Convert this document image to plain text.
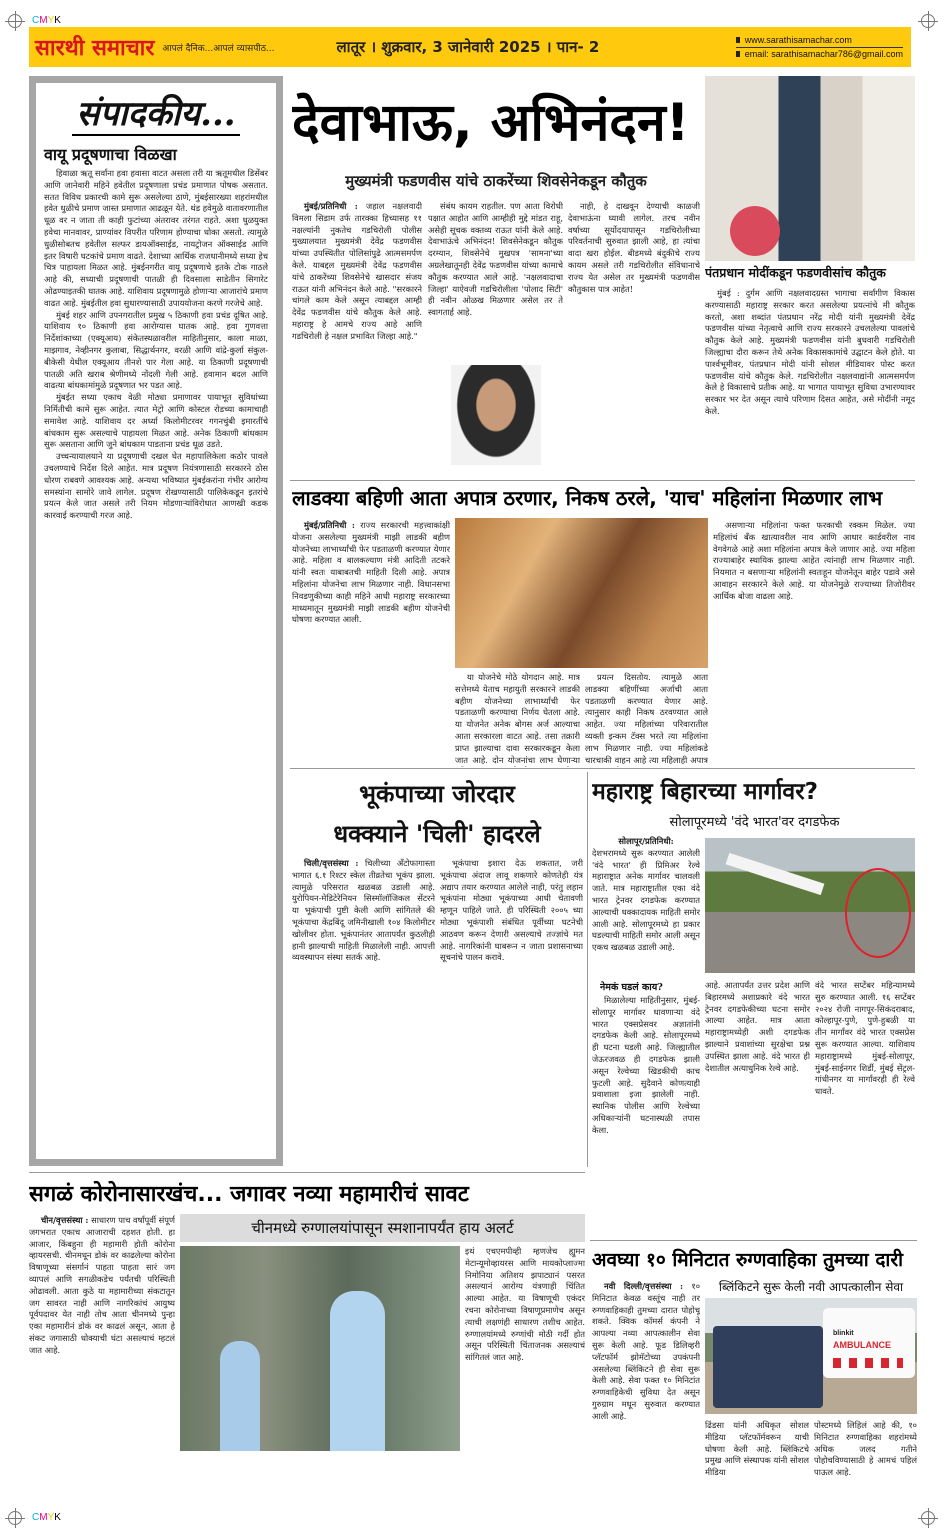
CMYK
सारथी समाचार आपलं दैनिक...आपलं व्यासपीठ...	लातूर । शुक्रवार, 3 जानेवारी 2025 । पान- 2	www.sarathisamachar.com
email: sarathisamachar786@gmail.com
संपादकीय...
वायू प्रदूषणाचा विळखा

हिवाळा ऋतू सर्वांना हवा हवासा वाटत असला तरी या ऋतूमधील डिसेंबर आणि जानेवारी महिने हवेतील प्रदूषणाला प्रचंड प्रमाणात पोषक असतात. सतत विविध प्रकारची कामे सुरू असलेल्या ठाणे, मुंबईसारख्या शहरांमधील हवेत धुळीचे प्रमाण जास्त प्रमाणात आढळून येते. थंड हवेमुळे वातावरणातील धूळ वर न जाता ती काही फुटांच्या अंतरावर तरंगत राहते. अशा धुळयुक्त हवेचा मानवावर, प्राण्यांवर विपरीत परिणाम होण्याचा धोका असतो. त्यामुळे धुळीसोबतच हवेतील सल्फर डायऑक्साईड, नायट्रोजन ऑक्साईड आणि इतर विषारी घटकांचे प्रमाण वाढते. देशाच्या आर्थिक राजधानीमध्ये सध्या हेच चित्र पाहायला मिळत आहे. मुंबईनगरीत वायू प्रदूषणाचे इतके टोक गाठले आहे की, सध्याची प्रदूषणाची पातळी ही दिवसाला साडेतीन सिगारेट ओढण्याइतकी घातक आहे. याशिवाय प्रदूषणामुळे होणाऱ्या आजारांचे प्रमाण वाढत आहे. मुंबईतील हवा सुधारण्यासाठी उपाययोजना करणे गरजेचे आहे.

मुंबई शहर आणि उपनगरातील प्रमुख ५ ठिकाणी हवा प्रचंड दूषित आहे. याशिवाय १० ठिकाणी हवा आरोग्यास घातक आहे. हवा गुणवत्ता निर्देशांकाच्या (एक्यूआय) संकेतस्थळावरील माहितीनुसार, काला माळा, माझगाव, नेव्हीनगर कुलाबा, सिद्धार्थनगर, वरळी आणि वांद्रे-कुर्ला संकुल-बीकेसी येथील एक्यूआय तीनशे पार गेला आहे. या ठिकाणी प्रदूषणाची पातळी अति खराब श्रेणीमध्ये नोंदली गेली आहे. हवामान बदल आणि वाढत्या बांधकामांमुळे प्रदूषणात भर पडत आहे.

मुंबईत सध्या एकाच वेळी मोठ्या प्रमाणावर पायाभूत सुविधांच्या निर्मितीची कामे सुरू आहेत. त्यात मेट्रो आणि कोस्टल रोडच्या कामाचाही समावेश आहे. याशिवाय दर अर्ध्या किलोमीटरवर गगनचुंबी इमारतींचे बांधकाम सुरू असल्याचे पाहायला मिळत आहे. अनेक ठिकाणी बांधकाम सुरू असताना आणि जुने बांधकाम पाडताना प्रचंड धूळ उडते.

उच्चन्यायालयाने या प्रदूषणाची दखल घेत महापालिकेला कठोर पावले उचलण्याचे निर्देश दिले आहेत. मात्र प्रदूषण नियंत्रणासाठी सरकारने ठोस धोरण राबवणे आवश्यक आहे. अन्यथा भविष्यात मुंबईकरांना गंभीर आरोग्य समस्यांना सामोरे जावे लागेल. प्रदूषण रोखण्यासाठी पालिकेकडून इतरांचे प्रयत्न केले जात असले तरी नियम मोडणाऱ्यांविरोधात आणखी कडक कारवाई करण्याची गरज आहे.

देवाभाऊ, अभिनंदन!
मुख्यमंत्री फडणवीस यांचे ठाकरेंच्या शिवसेनेकडून कौतुक

मुंबई/प्रतिनिधी : जहाल नक्षलवादी विमला सिडाम उर्फ तारक्का हिच्यासह ११ नक्षल्यांनी नुकतेच गडचिरोली पोलीस मुख्यालयात मुख्यमंत्री देवेंद्र फडणवीस यांच्या उपस्थितीत पोलिसांपुढे आत्मसमर्पण केले. याबद्दल मुख्यमंत्री देवेंद्र फडणवीस यांचे ठाकरेंच्या शिवसेनेचे खासदार संजय राऊत यांनी अभिनंदन केले आहे. "सरकारने चांगले काम केले असून त्याबद्दल आम्ही देवेंद्र फडणवीस यांचे कौतुक केले आहे. महाराष्ट्र हे आमचे राज्य आहे आणि गडचिरोली हे नक्षल प्रभावित जिल्हा आहे."

संबंध कायम राहतील. पण आता विरोधी पक्षात आहोत आणि आम्हीही मुद्दे मांडत राहू, असेही सूचक वक्तव्य राऊत यांनी केले आहे. देवाभाऊंचे अभिनंदन! शिवसेनेकडून कौतुक दरम्यान, शिवसेनेचे मुखपत्र 'सामना'च्या अग्रलेखातूनही देवेंद्र फडणवीस यांच्या कामाचे कौतुक करण्यात आले आहे. 'नक्षलवादाचा जिल्हा' याऐवजी गडचिरोलीला 'पोलाद सिटी' ही नवीन ओळख मिळणार असेल तर ते स्वागतार्ह आहे.

नाही, हे दाखवून देण्याची काळजी देवाभाऊंना घ्यावी लागेल. तरच नवीन वर्षाच्या सूर्योदयापासून गडचिरोलीच्या परिवर्तनाची सुरुवात झाली आहे, हा त्यांचा वादा खरा होईल. बीडमध्ये बंदुकीचे राज्य कायम असले तरी गडचिरोलीत संविधानाचे राज्य येत असेल तर मुख्यमंत्री फडणवीस कौतुकास पात्र आहेत!

पंतप्रधान मोदींकडून फडणवीसांच कौतुक

मुंबई : दुर्गम आणि नक्षलवादग्रस्त भागाचा सर्वांगीण विकास करण्यासाठी महाराष्ट्र सरकार करत असलेल्या प्रयत्नांचे मी कौतुक करतो, अशा शब्दांत पंतप्रधान नरेंद्र मोदी यांनी मुख्यमंत्री देवेंद्र फडणवीस यांच्या नेतृत्वाचे आणि राज्य सरकारने उचललेल्या पावलांचे कौतुक केले आहे. मुख्यमंत्री फडणवीस यांनी बुधवारी गडचिरोली जिल्ह्याचा दौरा करून तेथे अनेक विकासकामांचे उद्घाटन केले होते. या पार्श्वभूमीवर, पंतप्रधान मोदी यांनी सोशल मीडियावर पोस्ट करत फडणवीस यांचे कौतुक केले. गडचिरोलीत नक्षलवाद्यांनी आत्मसमर्पण केले हे विकासाचे प्रतीक आहे. या भागात पायाभूत सुविधा उभारण्यावर सरकार भर देत असून त्याचे परिणाम दिसत आहेत, असे मोदींनी नमूद केले.

लाडक्या बहिणी आता अपात्र ठरणार, निकष ठरले, 'याच' महिलांना मिळणार लाभ

मुंबई/प्रतिनिधी : राज्य सरकारची महत्त्वाकांक्षी योजना असलेल्या मुख्यमंत्री माझी लाडकी बहीण योजनेच्या लाभार्थ्यांची फेर पडताळणी करण्यात येणार आहे. महिला व बालकल्याण मंत्री आदिती तटकरे यांनी स्वतः याबाबतची माहिती दिली आहे. अपात्र महिलांना योजनेचा लाभ मिळणार नाही. विधानसभा निवडणुकीच्या काही महिने आधी महाराष्ट्र सरकारच्या माध्यमातून मुख्यमंत्री माझी लाडकी बहीण योजनेची घोषणा करण्यात आली.

या योजनेचे मोठे योगदान आहे. मात्र सत्तेमध्ये येताच महायुती सरकारने लाडकी बहीण योजनेच्या लाभार्थ्यांची फेर पडताळणी करण्याचा निर्णय घेतला आहे. या योजनेत अनेक बोगस अर्ज आल्याचा आता सरकारला वाटत आहे. तसा तक्रारी प्राप्त झाल्याचा दावा सरकारकडून केला जात आहे. दोन योजनांचा लाभ घेणाऱ्या

प्रयत्न दिसतोय. त्यामुळे आता लाडक्या बहिणींच्या अर्जाची आता पडताळणी करण्यात येणार आहे. त्यानुसार काही निकष ठरवण्यात आले आहेत. ज्या महिलांच्या परिवारातील व्यक्ती इन्कम टॅक्स भरते त्या महिलांना लाभ मिळणार नाही. ज्या महिलांकडे चारचाकी वाहन आहे त्या महिलाही अपात्र

असणाऱ्या महिलांना फक्त फरकाची रक्कम मिळेल. ज्या महिलांचं बँक खात्यावरील नाव आणि आधार कार्डवरील नाव वेगवेगळे आहे अशा महिलांना अपात्र केले जाणार आहे. ज्या महिला राज्याबाहेर स्थायिक झाल्या आहेत त्यांनाही लाभ मिळणार नाही. नियमात न बसणाऱ्या महिलांनी स्वतःहून योजनेतून बाहेर पडावे असे आवाहन सरकारने केले आहे. या योजनेमुळे राज्याच्या तिजोरीवर आर्थिक बोजा वाढला आहे.

भूकंपाच्या जोरदार
धक्क्याने 'चिली' हादरले

चिली/वृत्तसंस्था : चिलीच्या अँटोफागास्ता भागात ६.१ रिश्टर स्केल तीव्रतेचा भूकंप झाला. त्यामुळे परिसरात खळबळ उडाली आहे. युरोपियन-मेडिटेरेनियन सिस्मॉलॉजिकल सेंटरने या भूकंपाची पुष्टी केली आणि सांगितले की भूकंपाचा केंद्रबिंदू जमिनीखाली १०४ किलोमीटर खोलीवर होता. भूकंपानंतर आतापर्यंत कुठलीही हानी झाल्याची माहिती मिळालेली नाही. आपत्ती व्यवस्थापन संस्था सतर्क आहे.

भूकंपाचा इशारा देऊ शकतात, जरी भूकंपाचा अंदाज लावू शकणारे कोणतेही यंत्र अद्याप तयार करण्यात आलेले नाही, परंतु लहान भूकंपांना मोठ्या भूकंपाच्या आधी चेतावणी म्हणून पाहिले जाते. ही परिस्थिती २००५ च्या मोठ्या भूकंपाशी संबंधित पूर्वीच्या घटनेची आठवण करून देणारी असल्याचे तज्ज्ञांचे मत आहे. नागरिकांनी घाबरून न जाता प्रशासनाच्या सूचनांचे पालन करावे.

महाराष्ट्र बिहारच्या मार्गावर?
सोलापूरमध्ये 'वंदे भारत'वर दगडफेक

सोलापूर/प्रतिनिधी:

देशभरामध्ये सुरू करण्यात आलेली 'वंदे भारत' ही प्रिमिअर रेल्वे महाराष्ट्रात अनेक मार्गावर चालवली जाते. मात्र महाराष्ट्रातील एका वंदे भारत ट्रेनवर दगडफेक करण्यात आल्याची धक्कादायक माहिती समोर आली आहे. सोलापूरमध्ये हा प्रकार घडल्याची माहिती समोर आली असून एकच खळबळ उडाली आहे.

नेमकं घडलं काय?

मिळालेल्या माहितीनुसार, मुंबई-सोलापूर मार्गावर धावणाऱ्या वंदे भारत एक्सप्रेसवर अज्ञातांनी दगडफेक केली आहे. सोलापूरमध्ये ही घटना घडली आहे. जिल्ह्यातील जेऊरजवळ ही दगडफेक झाली असून रेल्वेच्या खिडकीची काच फुटली आहे. सुदैवाने कोणत्याही प्रवाशाला इजा झालेली नाही. स्थानिक पोलीस आणि रेल्वेच्या अधिकाऱ्यांनी घटनास्थळी तपास केला.

आहे. आतापर्यंत उत्तर प्रदेश आणि बिहारमध्ये अशाप्रकारे वंदे भारत ट्रेनवर दगडफेकीच्या घटना समोर आल्या आहेत. मात्र आता महाराष्ट्रामध्येही अशी दगडफेक झाल्याने प्रवाशांच्या सुरक्षेचा प्रश्न उपस्थित झाला आहे. वंदे भारत ही देशातील अत्याधुनिक रेल्वे आहे.

वंदे भारत सप्टेंबर महिन्यामध्ये सुरु करण्यात आली. १६ सप्टेंबर २०२४ रोजी नागपूर-सिकंदराबाद, कोल्हापूर-पुणे, पुणे-हुबळी या तीन मार्गांवर वंदे भारत एक्सप्रेस सुरू करण्यात आल्या. याशिवाय महाराष्ट्रामध्ये मुंबई-सोलापूर, मुंबई-साईनगर शिर्डी, मुंबई सेंट्रल-गांधीनगर या मार्गांवरही ही रेल्वे धावते.

सगळं कोरोनासारखंच... जगावर नव्या महामारीचं सावट
चीनमध्ये रुग्णालयांपासून स्मशानापर्यंत हाय अलर्ट

चीन/वृत्तसंस्था : साधारण पाच वर्षांपूर्वी संपूर्ण जगभरात एकाच आजाराची दहशत होती. हा आजार, किंबहुना ही महामारी होती कोरोना व्हायरसची. चीनमधून डोकं वर काढलेल्या कोरोना विषाणूच्या संसर्गानं पाहता पाहता सारं जग व्यापलं आणि सगळीकडेच पर्यंतची परिस्थिती ओढावली. आता कुठे या महामारीच्या संकटातून जग सावरत नाही आणि नागरिकांचं आयुष्य पूर्वपदावर येत नाही तोच आता चीनमध्ये पुन्हा एका महामारीनं डोकं वर काढलं असून, आता हे संकट जगासाठी धोक्याची घंटा असल्याचं म्हटलं जात आहे.

इथं एचएमपीव्ही म्हणजेच ह्युमन मेटान्यूमोव्हायरस आणि मायकोप्लाज्मा निमोनिया अतिशय झपाट्यानं पसरत असल्यानं आरोग्य यंत्रणाही चिंतित आल्या आहेत. या विषाणूची एकंदर रचना कोरोनाच्या विषाणूप्रमाणेच असून त्याची लक्षणंही साधारण तशीच आहेत. रुग्णालयांमध्ये रुग्णांची मोठी गर्दी होत असून परिस्थिती चिंताजनक असल्याचं सांगितलं जात आहे.

अवघ्या १० मिनिटात रुग्णवाहिका तुमच्या दारी
ब्लिंकिटने सुरू केली नवी आपत्कालीन सेवा

नवी दिल्ली/वृत्तसंस्था : १० मिनिटात केवळ वस्तूंच नाही तर रुग्णवाहिकाही तुमच्या दारात पोहोचू शकते. क्विक कॉमर्स कंपनी ने आपल्या नव्या आपत्कालीन सेवा सुरू केली आहे. फूड डिलिव्हरी प्लॅटफॉर्म झोमॅटोच्या उपकंपनी असलेल्या ब्लिंकिटने ही सेवा सुरू केली आहे. सेवा फक्त १० मिनिटांत रुग्णवाहिकेची सुविधा देत असून गुरुग्राम मधून सुरुवात करण्यात आली आहे.

blinkit
AMBULANCE

ढिंडसा यांनी अधिकृत सोशल मीडिया प्लॅटफॉर्मवरून याची घोषणा केली आहे. ब्लिंकिटचे प्रमुख आणि संस्थापक यांनी सोशल मीडिया

पोस्टमध्ये लिहिलं आहे की, १० मिनिटात रुग्णवाहिका शहरांमध्ये अधिक जलद गतीने पोहोचविण्यासाठी हे आमचं पहिलं पाऊल आहे.

CMYK
